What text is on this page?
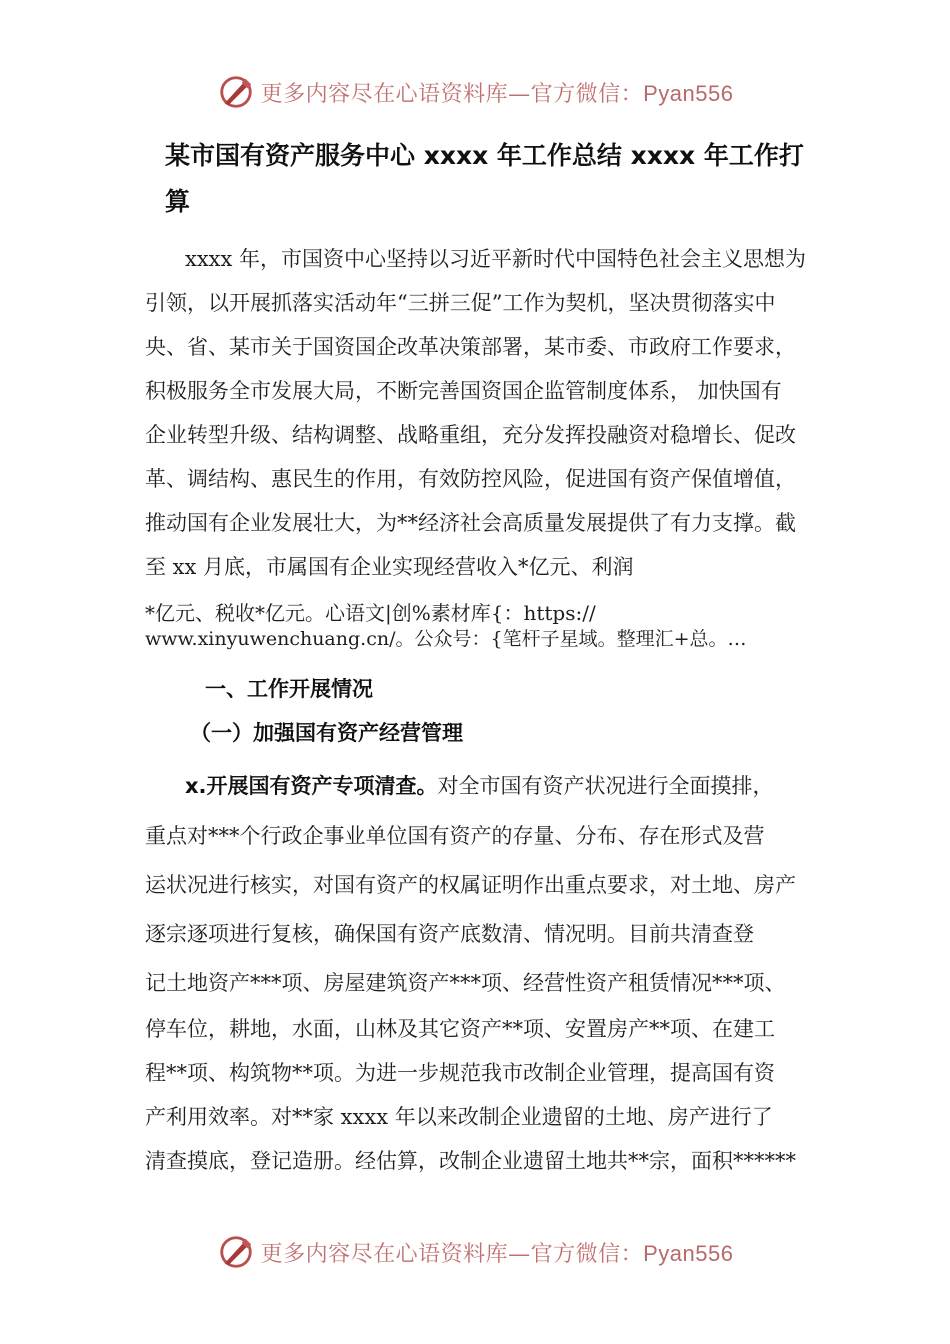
更多内容尽在心语资料库—官方微信：Pyan556
某市国有资产服务中心 xxxx 年工作总结 xxxx 年工作打
算
xxxx 年，市国资中心坚持以习近平新时代中国特色社会主义思想为
引领，以开展抓落实活动年“三拼三促”工作为契机，坚决贯彻落实中
央、省、某市关于国资国企改革决策部署，某市委、市政府工作要求，
积极服务全市发展大局，不断完善国资国企监管制度体系， 加快国有
企业转型升级、结构调整、战略重组，充分发挥投融资对稳增长、促改
革、调结构、惠民生的作用，有效防控风险，促进国有资产保值增值，
推动国有企业发展壮大，为**经济社会高质量发展提供了有力支撑。截
至 xx 月底，市属国有企业实现经营收入*亿元、利润
*亿元、税收*亿元。心语文|创%素材库{：https://
www.xinyuwenchuang.cn/。公众号：{笔杆子星域。整理汇+总。…
一、工作开展情况
（一）加强国有资产经营管理
x.开展国有资产专项清查。对全市国有资产状况进行全面摸排，
重点对***个行政企事业单位国有资产的存量、分布、存在形式及营
运状况进行核实，对国有资产的权属证明作出重点要求，对土地、房产
逐宗逐项进行复核，确保国有资产底数清、情况明。目前共清查登
记土地资产***项、房屋建筑资产***项、经营性资产租赁情况***项、
停车位，耕地，水面，山林及其它资产**项、安置房产**项、在建工
程**项、构筑物**项。为进一步规范我市改制企业管理，提高国有资
产利用效率。对**家 xxxx 年以来改制企业遗留的土地、房产进行了
清查摸底，登记造册。经估算，改制企业遗留土地共**宗，面积******
更多内容尽在心语资料库—官方微信：Pyan556
